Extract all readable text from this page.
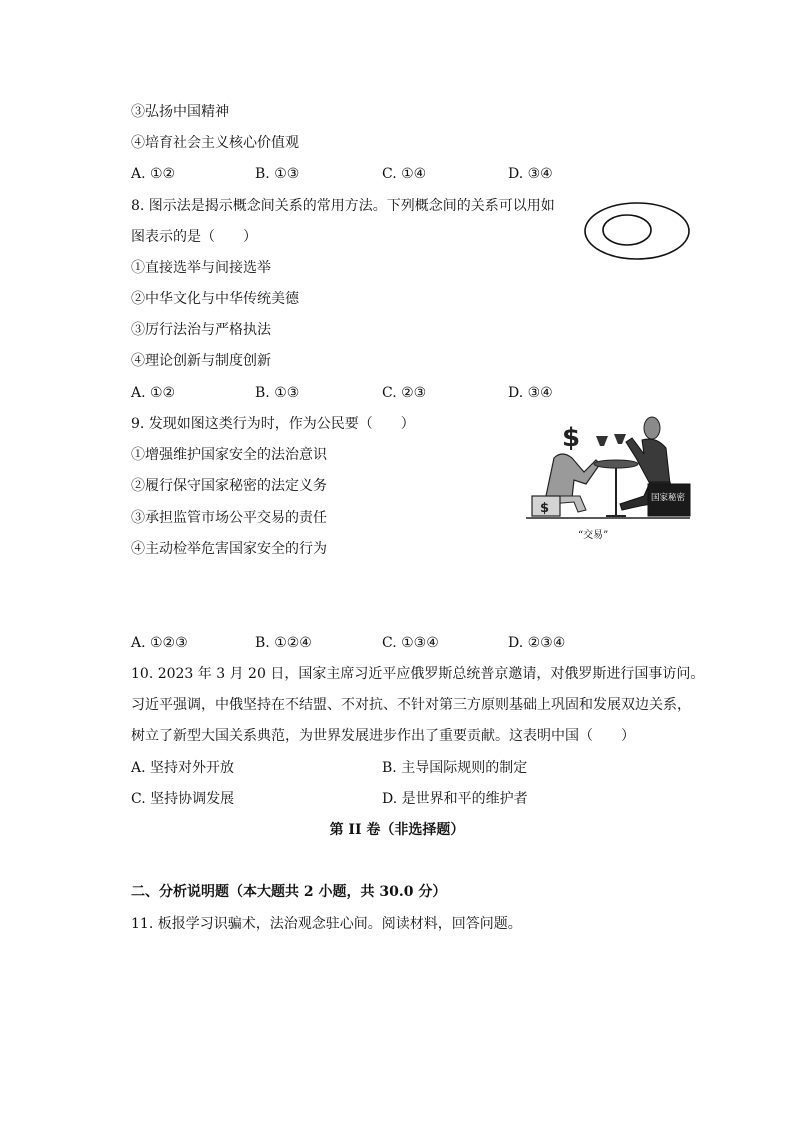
③弘扬中国精神
④培育社会主义核心价值观
A. ①②	B. ①③	C. ①④	D. ③④
8. 图示法是揭示概念间关系的常用方法。下列概念间的关系可以用如
图表示的是（　　）
①直接选举与间接选举
②中华文化与中华传统美德
③厉行法治与严格执法
④理论创新与制度创新
A. ①②	B. ①③	C. ②③	D. ③④
9. 发现如图这类行为时，作为公民要（　　）
①增强维护国家安全的法治意识
②履行保守国家秘密的法定义务
③承担监管市场公平交易的责任
④主动检举危害国家安全的行为
$
$
国家秘密
“交易”
A. ①②③	B. ①②④	C. ①③④	D. ②③④
10. 2023 年 3 月 20 日，国家主席习近平应俄罗斯总统普京邀请，对俄罗斯进行国事访问。
习近平强调，中俄坚持在不结盟、不对抗、不针对第三方原则基础上巩固和发展双边关系，
树立了新型大国关系典范，为世界发展进步作出了重要贡献。这表明中国（　　）
A. 坚持对外开放	B. 主导国际规则的制定
C. 坚持协调发展	D. 是世界和平的维护者
第 II 卷（非选择题）
二、分析说明题（本大题共 2 小题，共 30.0 分）
11. 板报学习识骗术，法治观念驻心间。阅读材料，回答问题。
